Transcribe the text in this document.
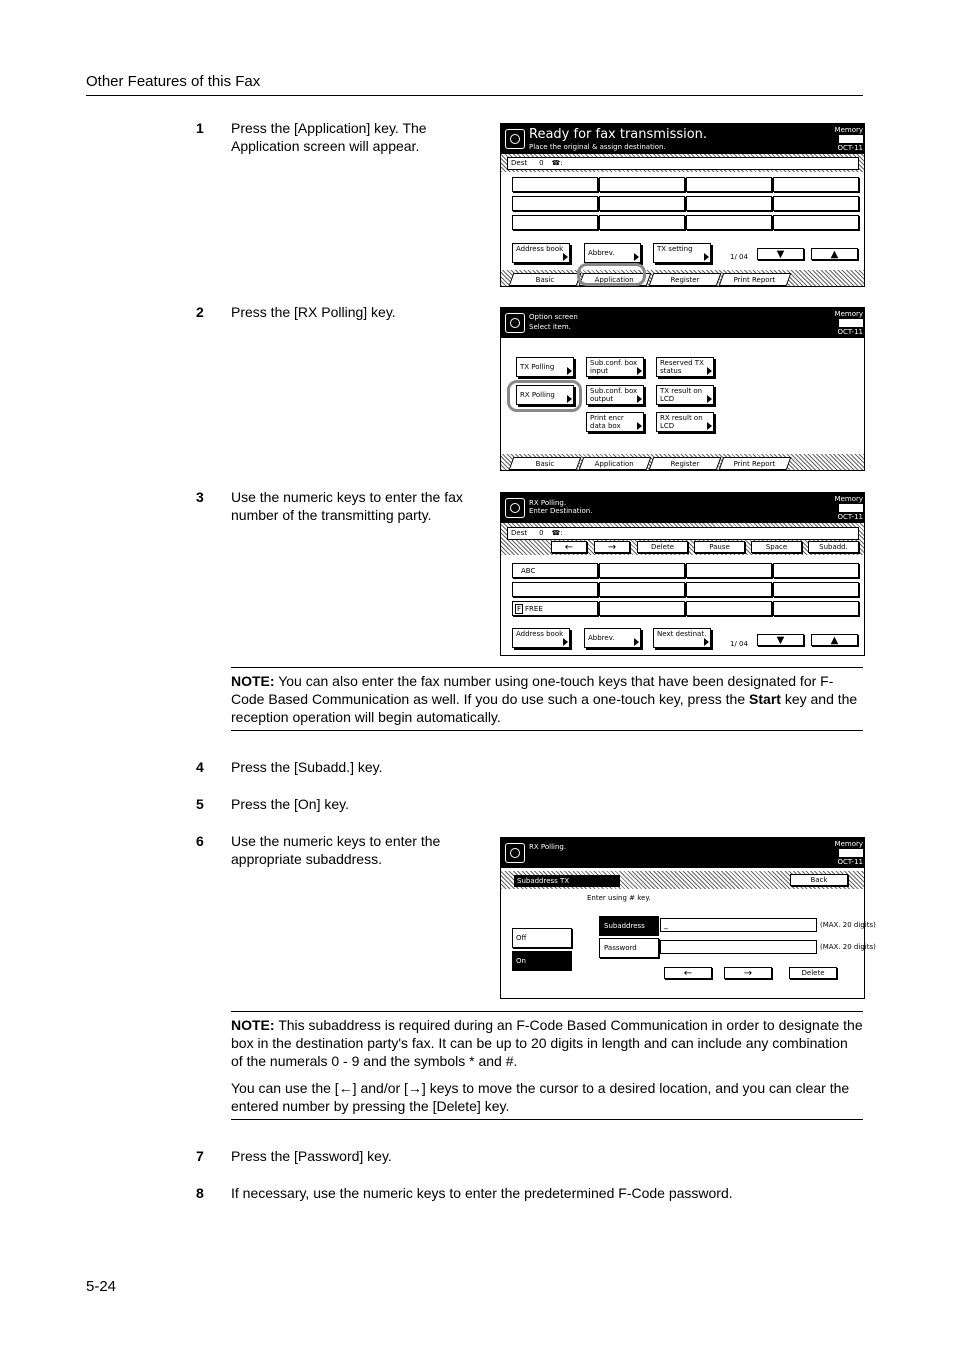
Other Features of this Fax
1 Press the [Application] key. The Application screen will appear.
Ready for fax transmission.
Place the original & assign destination.
Memory
OCT-11
Dest 0 ☎:
Address book	Abbrev.	TX setting
1/ 04	▼	▲
Basic	Application	Register	Print Report
2 Press the [RX Polling] key.	Option screen
Select item.
Memory
OCT-11
TX Polling	Sub.conf. box input
Reserved TX status
RX Polling	Sub.conf. box output
TX result on LCD
Print encr data box
RX result on LCD
Basic	Application	Register	Print Report
3 Use the numeric keys to enter the fax number of the transmitting party.
RX Polling.
Enter Destination.
Memory
OCT-11
Dest 0 ☎:
←	→	Delete	Pause	Space	Subadd.
ABC
F FREE
Address book	Abbrev.	Next destinat.
1/ 04	▼	▲
NOTE: You can also enter the fax number using one-touch keys that have been designated for F-Code Based Communication as well. If you do use such a one-touch key, press the Start key and the reception operation will begin automatically.
4 Press the [Subadd.] key.
5 Press the [On] key.
6 Use the numeric keys to enter the appropriate subaddress.
RX Polling.	Memory
OCT-11
Subaddress TX	Back
Enter using # key.
Off
On
Subaddress
Password
_	(MAX. 20 digits)
(MAX. 20 digits)
←	→	Delete
NOTE: This subaddress is required during an F-Code Based Communication in order to designate the box in the destination party's fax. It can be up to 20 digits in length and can include any combination of the numerals 0 - 9 and the symbols * and #.
You can use the [←] and/or [→] keys to move the cursor to a desired location, and you can clear the entered number by pressing the [Delete] key.
7 Press the [Password] key.
8 If necessary, use the numeric keys to enter the predetermined F-Code password.
5-24
